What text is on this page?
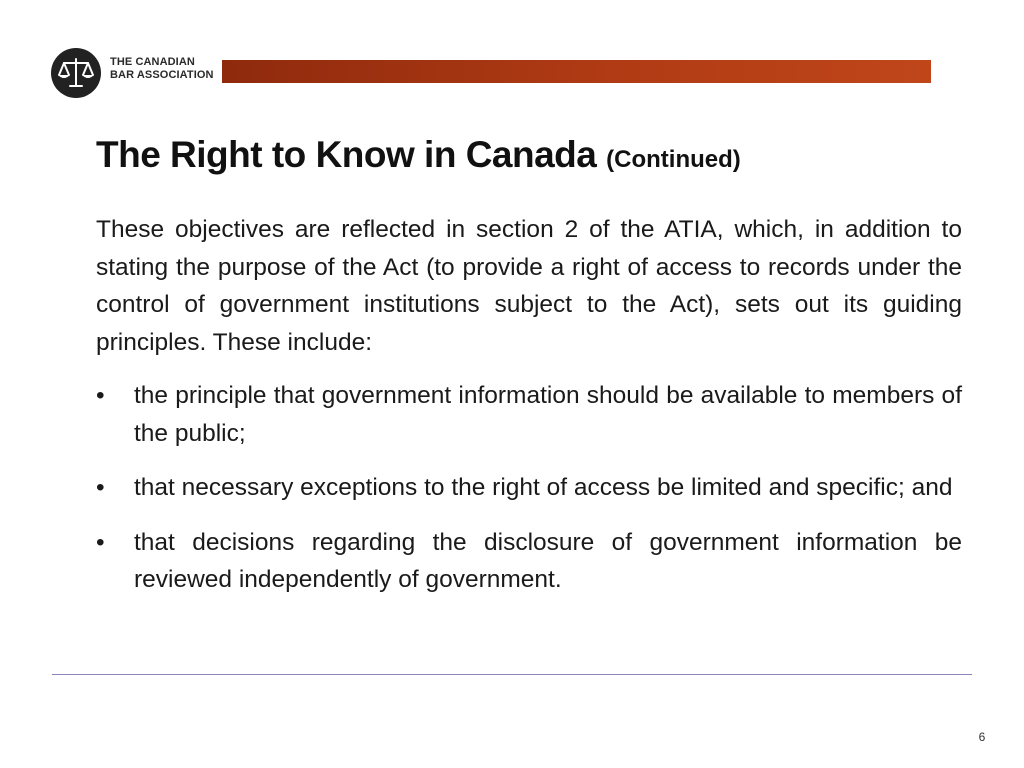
THE CANADIAN
BAR ASSOCIATION
The Right to Know in Canada (Continued)

These objectives are reflected in section 2 of the ATIA, which, in addition to stating the purpose of the Act (to provide a right of access to records under the control of government institutions subject to the Act), sets out its guiding principles. These include:

• the principle that government information should be available to members of the public;
• that necessary exceptions to the right of access be limited and specific; and
• that decisions regarding the disclosure of government information be reviewed independently of government.
6
